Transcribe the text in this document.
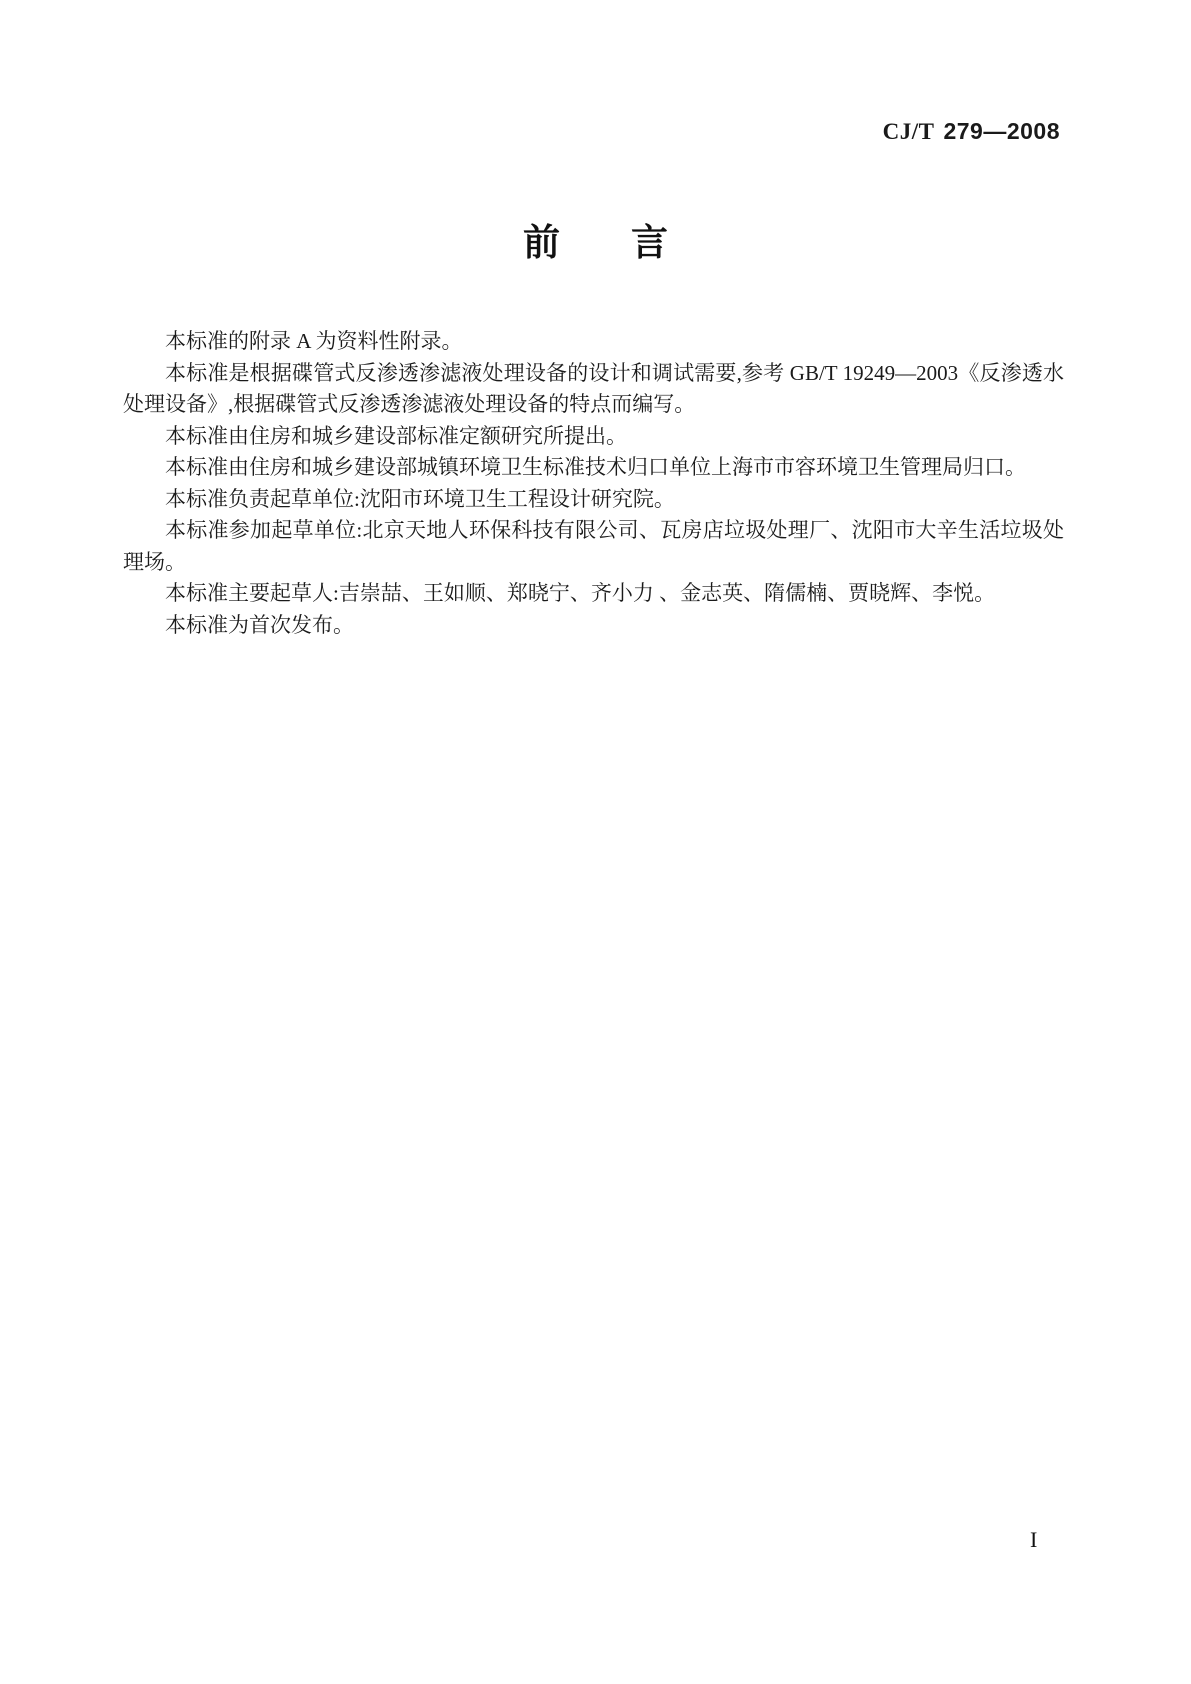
CJ/T 279—2008
前 言

本标准的附录 A 为资料性附录。

本标准是根据碟管式反渗透渗滤液处理设备的设计和调试需要,参考 GB/T 19249—2003《反渗透水处理设备》,根据碟管式反渗透渗滤液处理设备的特点而编写。

本标准由住房和城乡建设部标准定额研究所提出。

本标准由住房和城乡建设部城镇环境卫生标准技术归口单位上海市市容环境卫生管理局归口。

本标准负责起草单位:沈阳市环境卫生工程设计研究院。

本标准参加起草单位:北京天地人环保科技有限公司、瓦房店垃圾处理厂、沈阳市大辛生活垃圾处理场。

本标准主要起草人:吉崇喆、王如顺、郑晓宁、齐小力 、金志英、隋儒楠、贾晓辉、李悦。

本标准为首次发布。

I
